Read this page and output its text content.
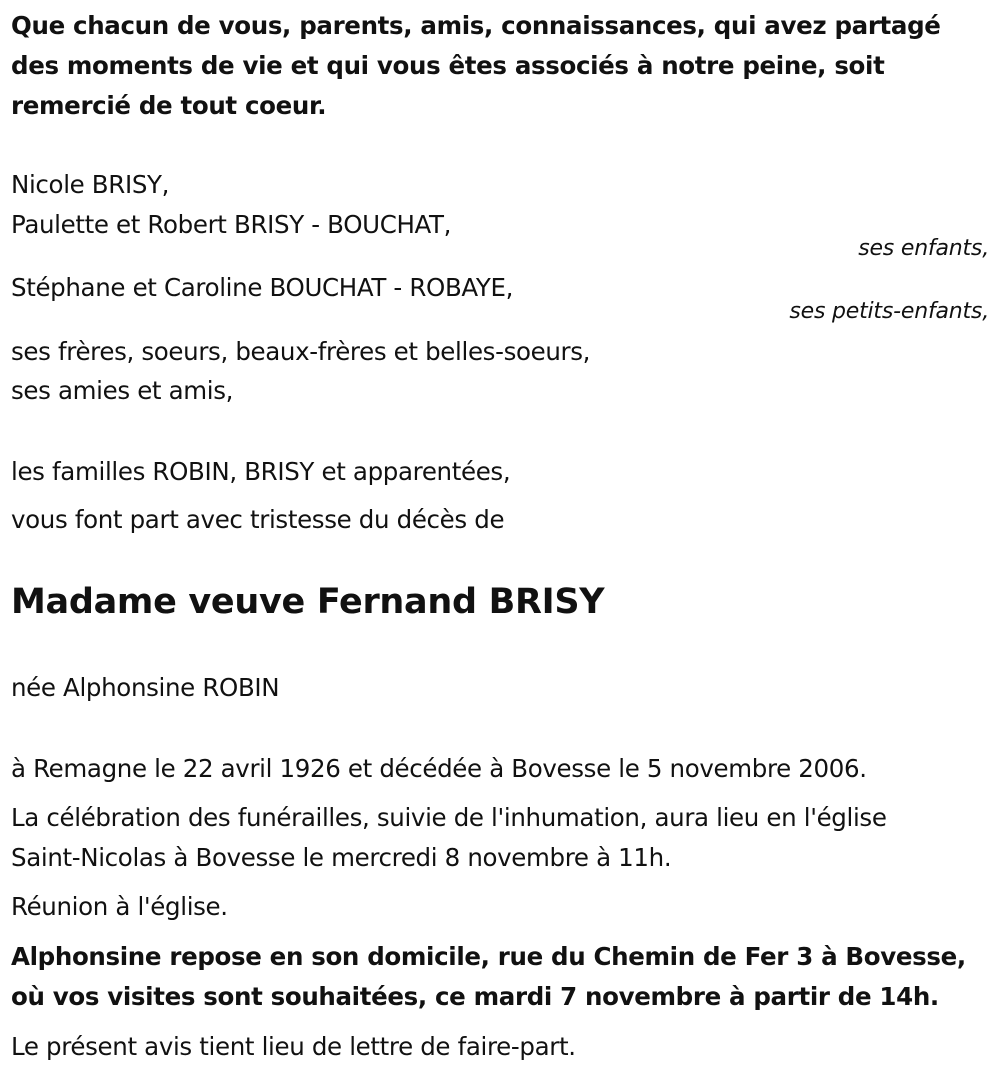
Que chacun de vous, parents, amis, connaissances, qui avez partagé
des moments de vie et qui vous êtes associés à notre peine, soit
remercié de tout coeur.
Nicole BRISY,
Paulette et Robert BRISY - BOUCHAT,
ses enfants,
Stéphane et Caroline BOUCHAT - ROBAYE,
ses petits-enfants,
ses frères, soeurs, beaux-frères et belles-soeurs,
ses amies et amis,
les familles ROBIN, BRISY et apparentées,
vous font part avec tristesse du décès de
Madame veuve Fernand BRISY
née Alphonsine ROBIN
à Remagne le 22 avril 1926 et décédée à Bovesse le 5 novembre 2006.
La célébration des funérailles, suivie de l'inhumation, aura lieu en l'église
Saint-Nicolas à Bovesse le mercredi 8 novembre à 11h.
Réunion à l'église.
Alphonsine repose en son domicile, rue du Chemin de Fer 3 à Bovesse,
où vos visites sont souhaitées, ce mardi 7 novembre à partir de 14h.
Le présent avis tient lieu de lettre de faire-part.
